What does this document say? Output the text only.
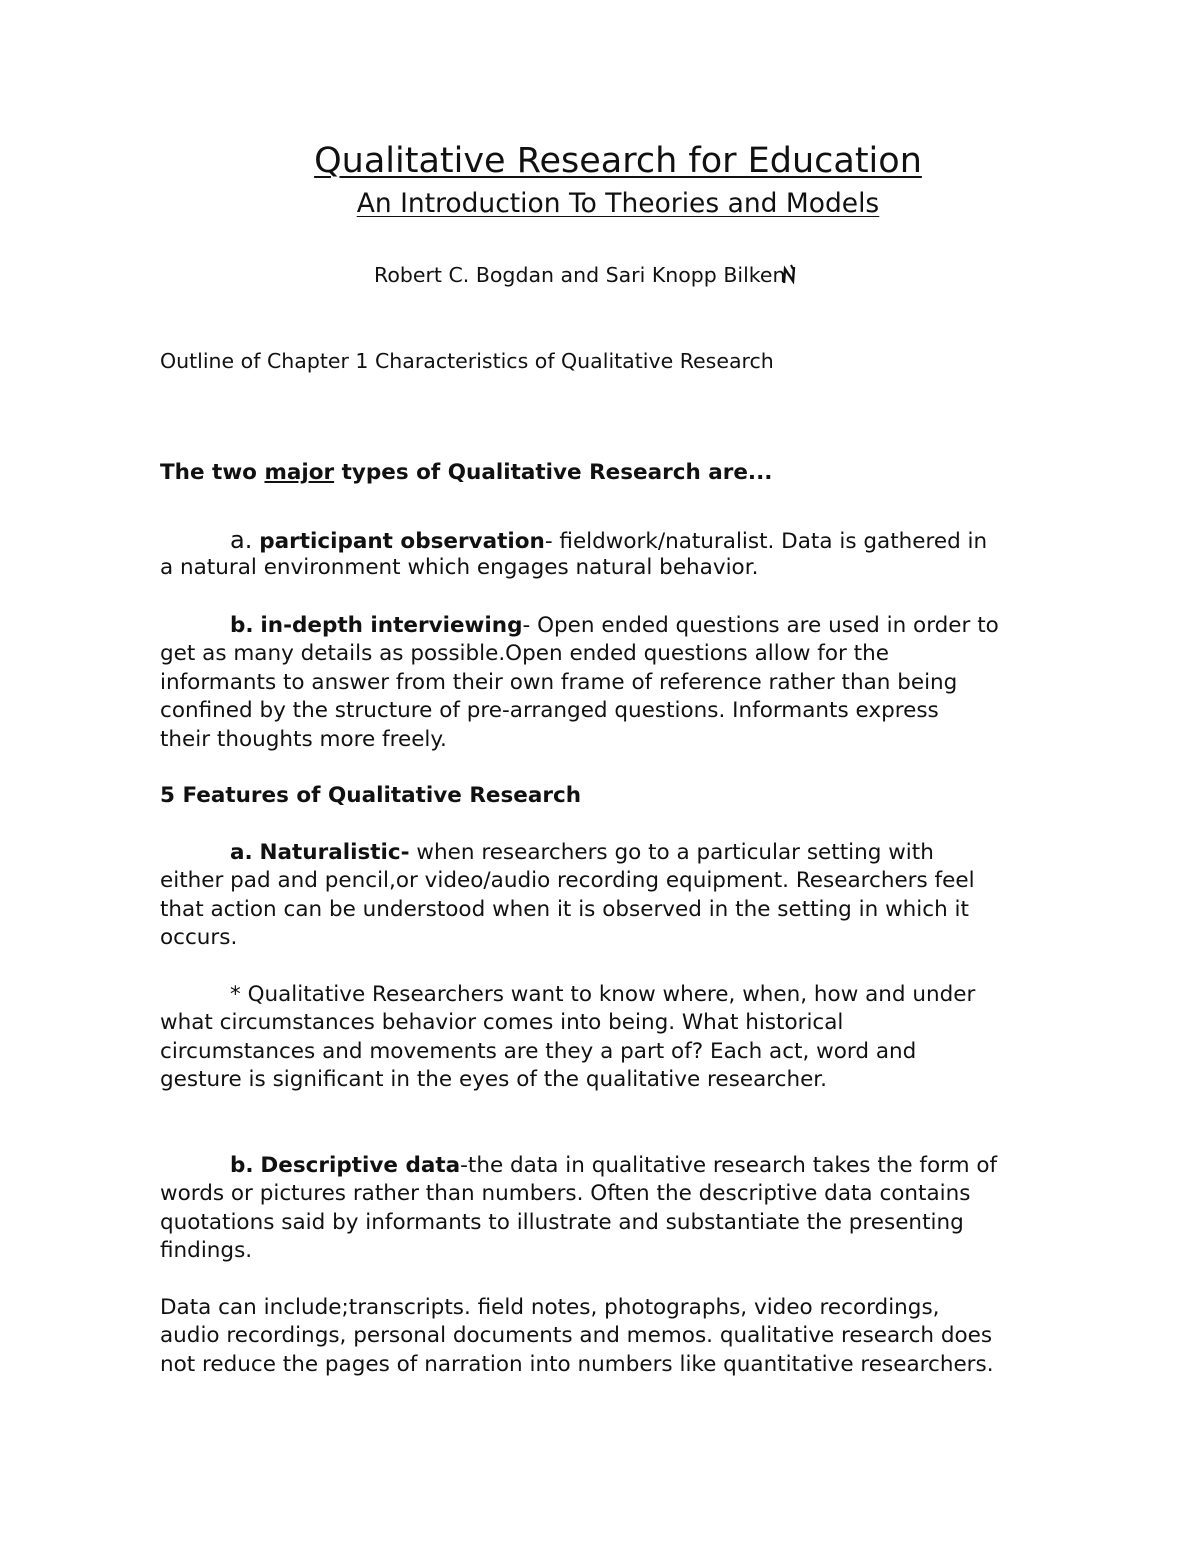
Qualitative Research for Education
An Introduction To Theories and Models
Robert C. Bogdan and Sari Knopp Bilken
Outline of Chapter 1 Characteristics of Qualitative Research
The two major types of Qualitative Research are...
a. participant observation- fieldwork/naturalist. Data is gathered in
a natural environment which engages natural behavior.
b. in-depth interviewing- Open ended questions are used in order to
get as many details as possible.Open ended questions allow for the
informants to answer from their own frame of reference rather than being
confined by the structure of pre-arranged questions. Informants express
their thoughts more freely.
5 Features of Qualitative Research
a. Naturalistic- when researchers go to a particular setting with
either pad and pencil,or video/audio recording equipment. Researchers feel
that action can be understood when it is observed in the setting in which it
occurs.
* Qualitative Researchers want to know where, when, how and under
what circumstances behavior comes into being. What historical
circumstances and movements are they a part of? Each act, word and
gesture is significant in the eyes of the qualitative researcher.
b. Descriptive data-the data in qualitative research takes the form of
words or pictures rather than numbers. Often the descriptive data contains
quotations said by informants to illustrate and substantiate the presenting
findings.
Data can include;transcripts. field notes, photographs, video recordings,
audio recordings, personal documents and memos. qualitative research does
not reduce the pages of narration into numbers like quantitative researchers.
